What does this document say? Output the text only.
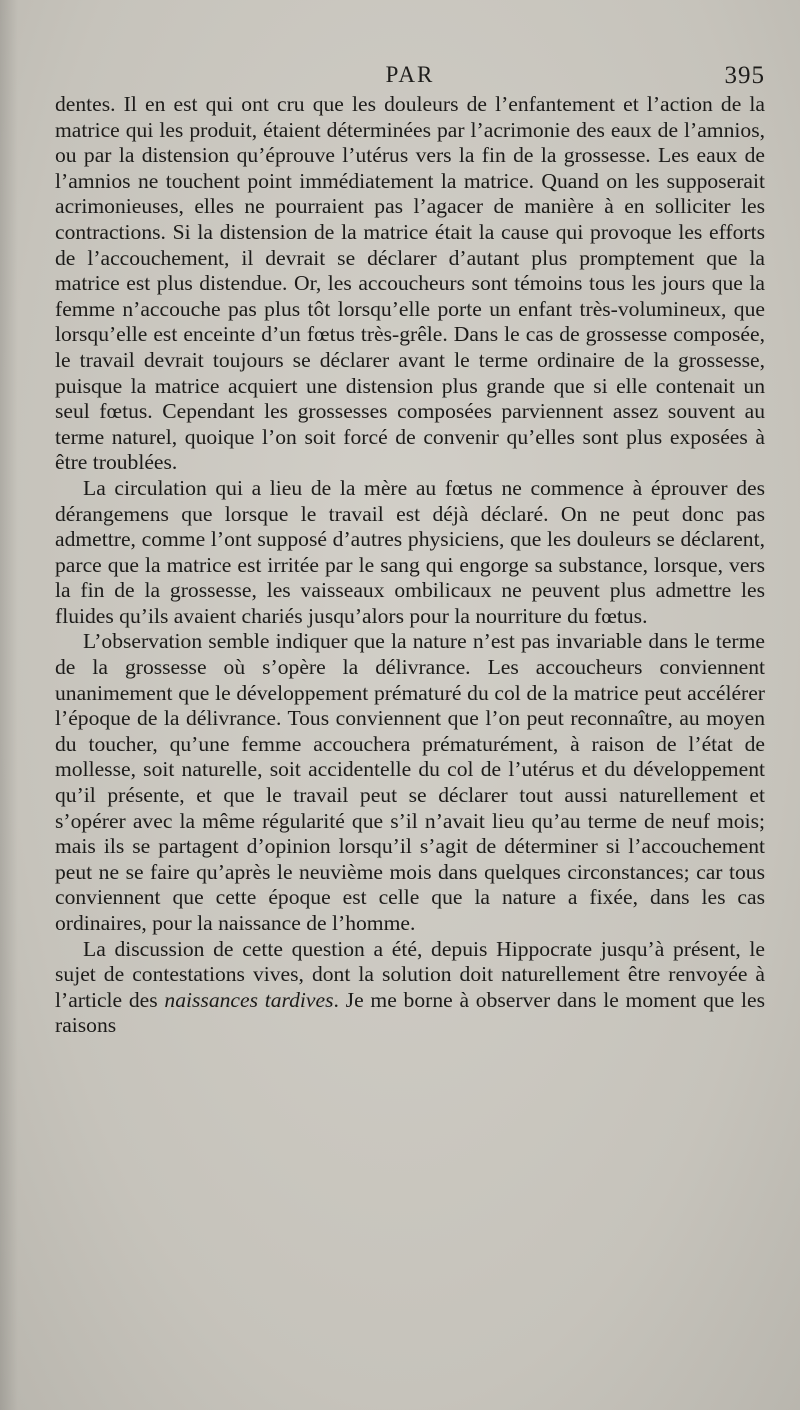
PAR	395

dentes. Il en est qui ont cru que les douleurs de l’enfantement et l’action de la matrice qui les produit, étaient déterminées par l’acrimonie des eaux de l’amnios, ou par la distension qu’éprouve l’utérus vers la fin de la grossesse. Les eaux de l’amnios ne touchent point immédiatement la matrice. Quand on les supposerait acrimonieuses, elles ne pourraient pas l’agacer de manière à en solliciter les contractions. Si la distension de la matrice était la cause qui provoque les efforts de l’accouchement, il devrait se déclarer d’autant plus promptement que la matrice est plus distendue. Or, les accoucheurs sont témoins tous les jours que la femme n’accouche pas plus tôt lorsqu’elle porte un enfant très-volumineux, que lorsqu’elle est enceinte d’un fœtus très-grêle. Dans le cas de grossesse composée, le travail devrait toujours se déclarer avant le terme ordinaire de la grossesse, puisque la matrice acquiert une distension plus grande que si elle contenait un seul fœtus. Cependant les grossesses composées parviennent assez souvent au terme naturel, quoique l’on soit forcé de convenir qu’elles sont plus exposées à être troublées.

La circulation qui a lieu de la mère au fœtus ne commence à éprouver des dérangemens que lorsque le travail est déjà déclaré. On ne peut donc pas admettre, comme l’ont supposé d’autres physiciens, que les douleurs se déclarent, parce que la matrice est irritée par le sang qui engorge sa substance, lorsque, vers la fin de la grossesse, les vaisseaux ombilicaux ne peuvent plus admettre les fluides qu’ils avaient chariés jusqu’alors pour la nourriture du fœtus.

L’observation semble indiquer que la nature n’est pas invariable dans le terme de la grossesse où s’opère la délivrance. Les accoucheurs conviennent unanimement que le développement prématuré du col de la matrice peut accélérer l’époque de la délivrance. Tous conviennent que l’on peut reconnaître, au moyen du toucher, qu’une femme accouchera prématurément, à raison de l’état de mollesse, soit naturelle, soit accidentelle du col de l’utérus et du développement qu’il présente, et que le travail peut se déclarer tout aussi naturellement et s’opérer avec la même régularité que s’il n’avait lieu qu’au terme de neuf mois; mais ils se partagent d’opinion lorsqu’il s’agit de déterminer si l’accouchement peut ne se faire qu’après le neuvième mois dans quelques circonstances; car tous conviennent que cette époque est celle que la nature a fixée, dans les cas ordinaires, pour la naissance de l’homme.

La discussion de cette question a été, depuis Hippocrate jusqu’à présent, le sujet de contestations vives, dont la solution doit naturellement être renvoyée à l’article des naissances tardives. Je me borne à observer dans le moment que les raisons
